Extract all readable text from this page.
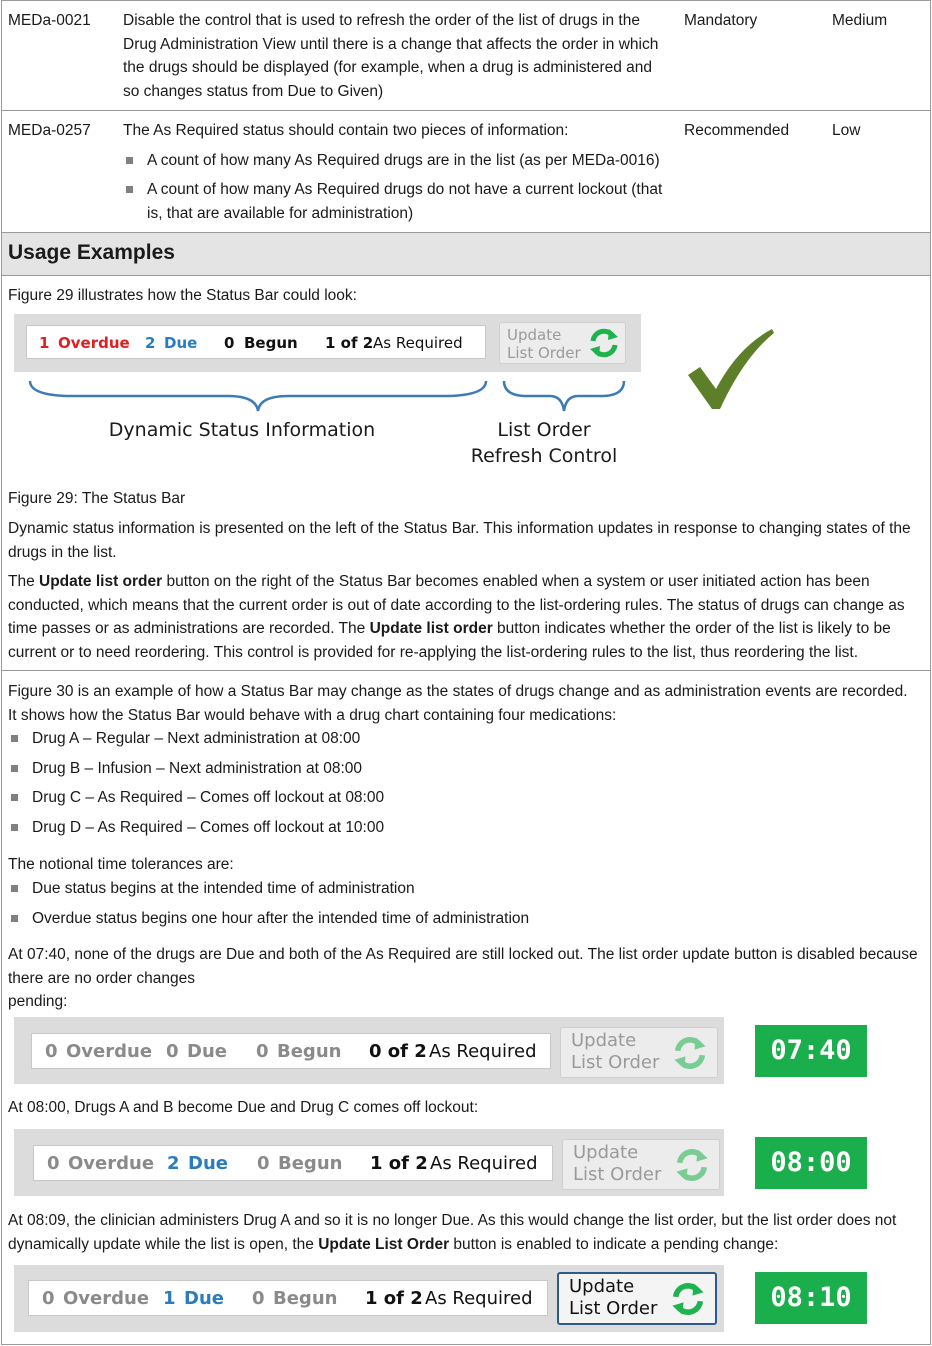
MEDa-0021 Disable the control that is used to refresh the order of the list of drugs in the Drug Administration View until there is a change that affects the order in which the drugs should be displayed (for example, when a drug is administered and so changes status from Due to Given)
Mandatory	Medium
MEDa-0257 The As Required status should contain two pieces of information:
A count of how many As Required drugs are in the list (as per MEDa-0016)
A count of how many As Required drugs do not have a current lockout (that is, that are available for administration)
Recommended	Low
Usage Examples
Figure 29 illustrates how the Status Bar could look:
1 Overdue 2 Due 0 Begun 1 of 2 As Required	Update
List Order
Dynamic Status Information	List Order
Refresh Control
Figure 29: The Status Bar
Dynamic status information is presented on the left of the Status Bar. This information updates in response to changing states of the drugs in the list.
The Update list order button on the right of the Status Bar becomes enabled when a system or user initiated action has been conducted, which means that the current order is out of date according to the list-ordering rules. The status of drugs can change as time passes or as administrations are recorded. The Update list order button indicates whether the order of the list is likely to be current or to need reordering. This control is provided for re-applying the list-ordering rules to the list, thus reordering the list.
Figure 30 is an example of how a Status Bar may change as the states of drugs change and as administration events are recorded. It shows how the Status Bar would behave with a drug chart containing four medications:
Drug A – Regular – Next administration at 08:00
Drug B – Infusion – Next administration at 08:00
Drug C – As Required – Comes off lockout at 08:00
Drug D – As Required – Comes off lockout at 10:00
The notional time tolerances are:
Due status begins at the intended time of administration
Overdue status begins one hour after the intended time of administration
At 07:40, none of the drugs are Due and both of the As Required are still locked out. The list order update button is disabled because there are no order changes
pending:
0 Overdue 0 Due 0 Begun 0 of 2 As Required
Update
List Order	07:40
At 08:00, Drugs A and B become Due and Drug C comes off lockout:
0 Overdue 2 Due 0 Begun 1 of 2 As Required
Update
List Order	08:00
At 08:09, the clinician administers Drug A and so it is no longer Due. As this would change the list order, but the list order does not dynamically update while the list is open, the Update List Order button is enabled to indicate a pending change:
0 Overdue 1 Due 0 Begun 1 of 2 As Required
Update
List Order	08:10
